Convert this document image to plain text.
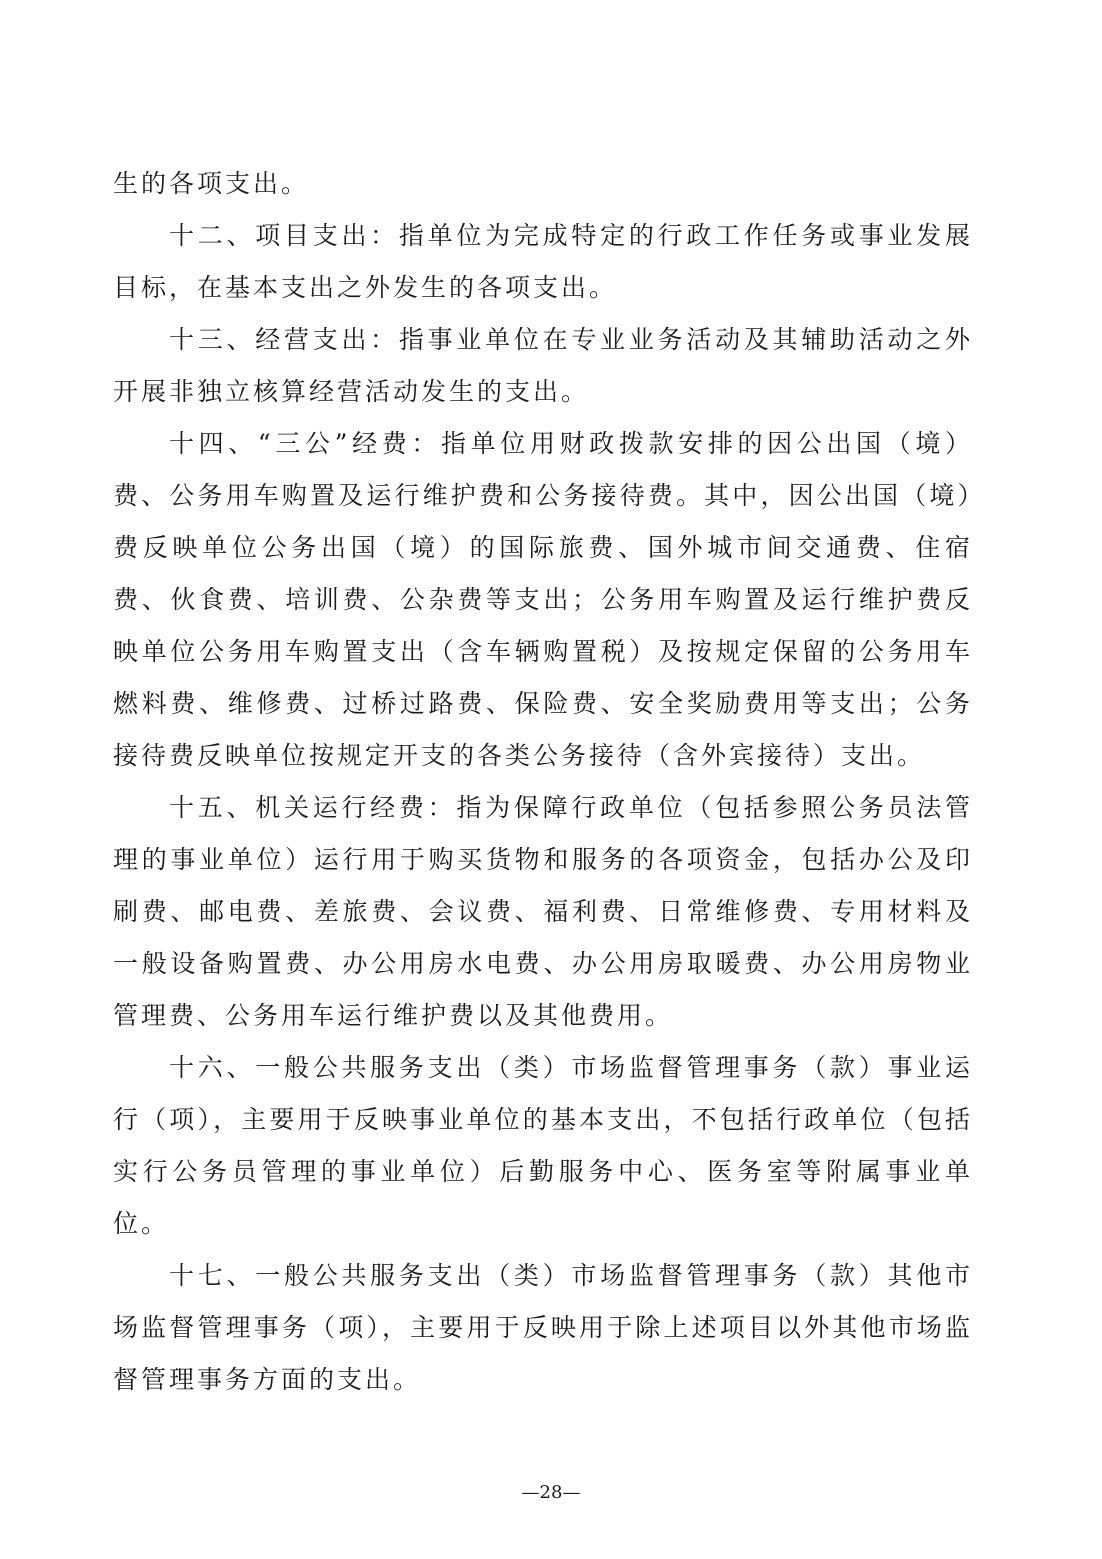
生的各项支出。

十二、项目支出：指单位为完成特定的行政工作任务或事业发展目标，在基本支出之外发生的各项支出。

十三、经营支出：指事业单位在专业业务活动及其辅助活动之外开展非独立核算经营活动发生的支出。

十四、“三公”经费：指单位用财政拨款安排的因公出国（境）费、公务用车购置及运行维护费和公务接待费。其中，因公出国（境）费反映单位公务出国（境）的国际旅费、国外城市间交通费、住宿费、伙食费、培训费、公杂费等支出；公务用车购置及运行维护费反映单位公务用车购置支出（含车辆购置税）及按规定保留的公务用车燃料费、维修费、过桥过路费、保险费、安全奖励费用等支出；公务接待费反映单位按规定开支的各类公务接待（含外宾接待）支出。

十五、机关运行经费：指为保障行政单位（包括参照公务员法管理的事业单位）运行用于购买货物和服务的各项资金，包括办公及印刷费、邮电费、差旅费、会议费、福利费、日常维修费、专用材料及一般设备购置费、办公用房水电费、办公用房取暖费、办公用房物业管理费、公务用车运行维护费以及其他费用。

十六、一般公共服务支出（类）市场监督管理事务（款）事业运行（项），主要用于反映事业单位的基本支出，不包括行政单位（包括实行公务员管理的事业单位）后勤服务中心、医务室等附属事业单位。

十七、一般公共服务支出（类）市场监督管理事务（款）其他市场监督管理事务（项），主要用于反映用于除上述项目以外其他市场监督管理事务方面的支出。

—28—
